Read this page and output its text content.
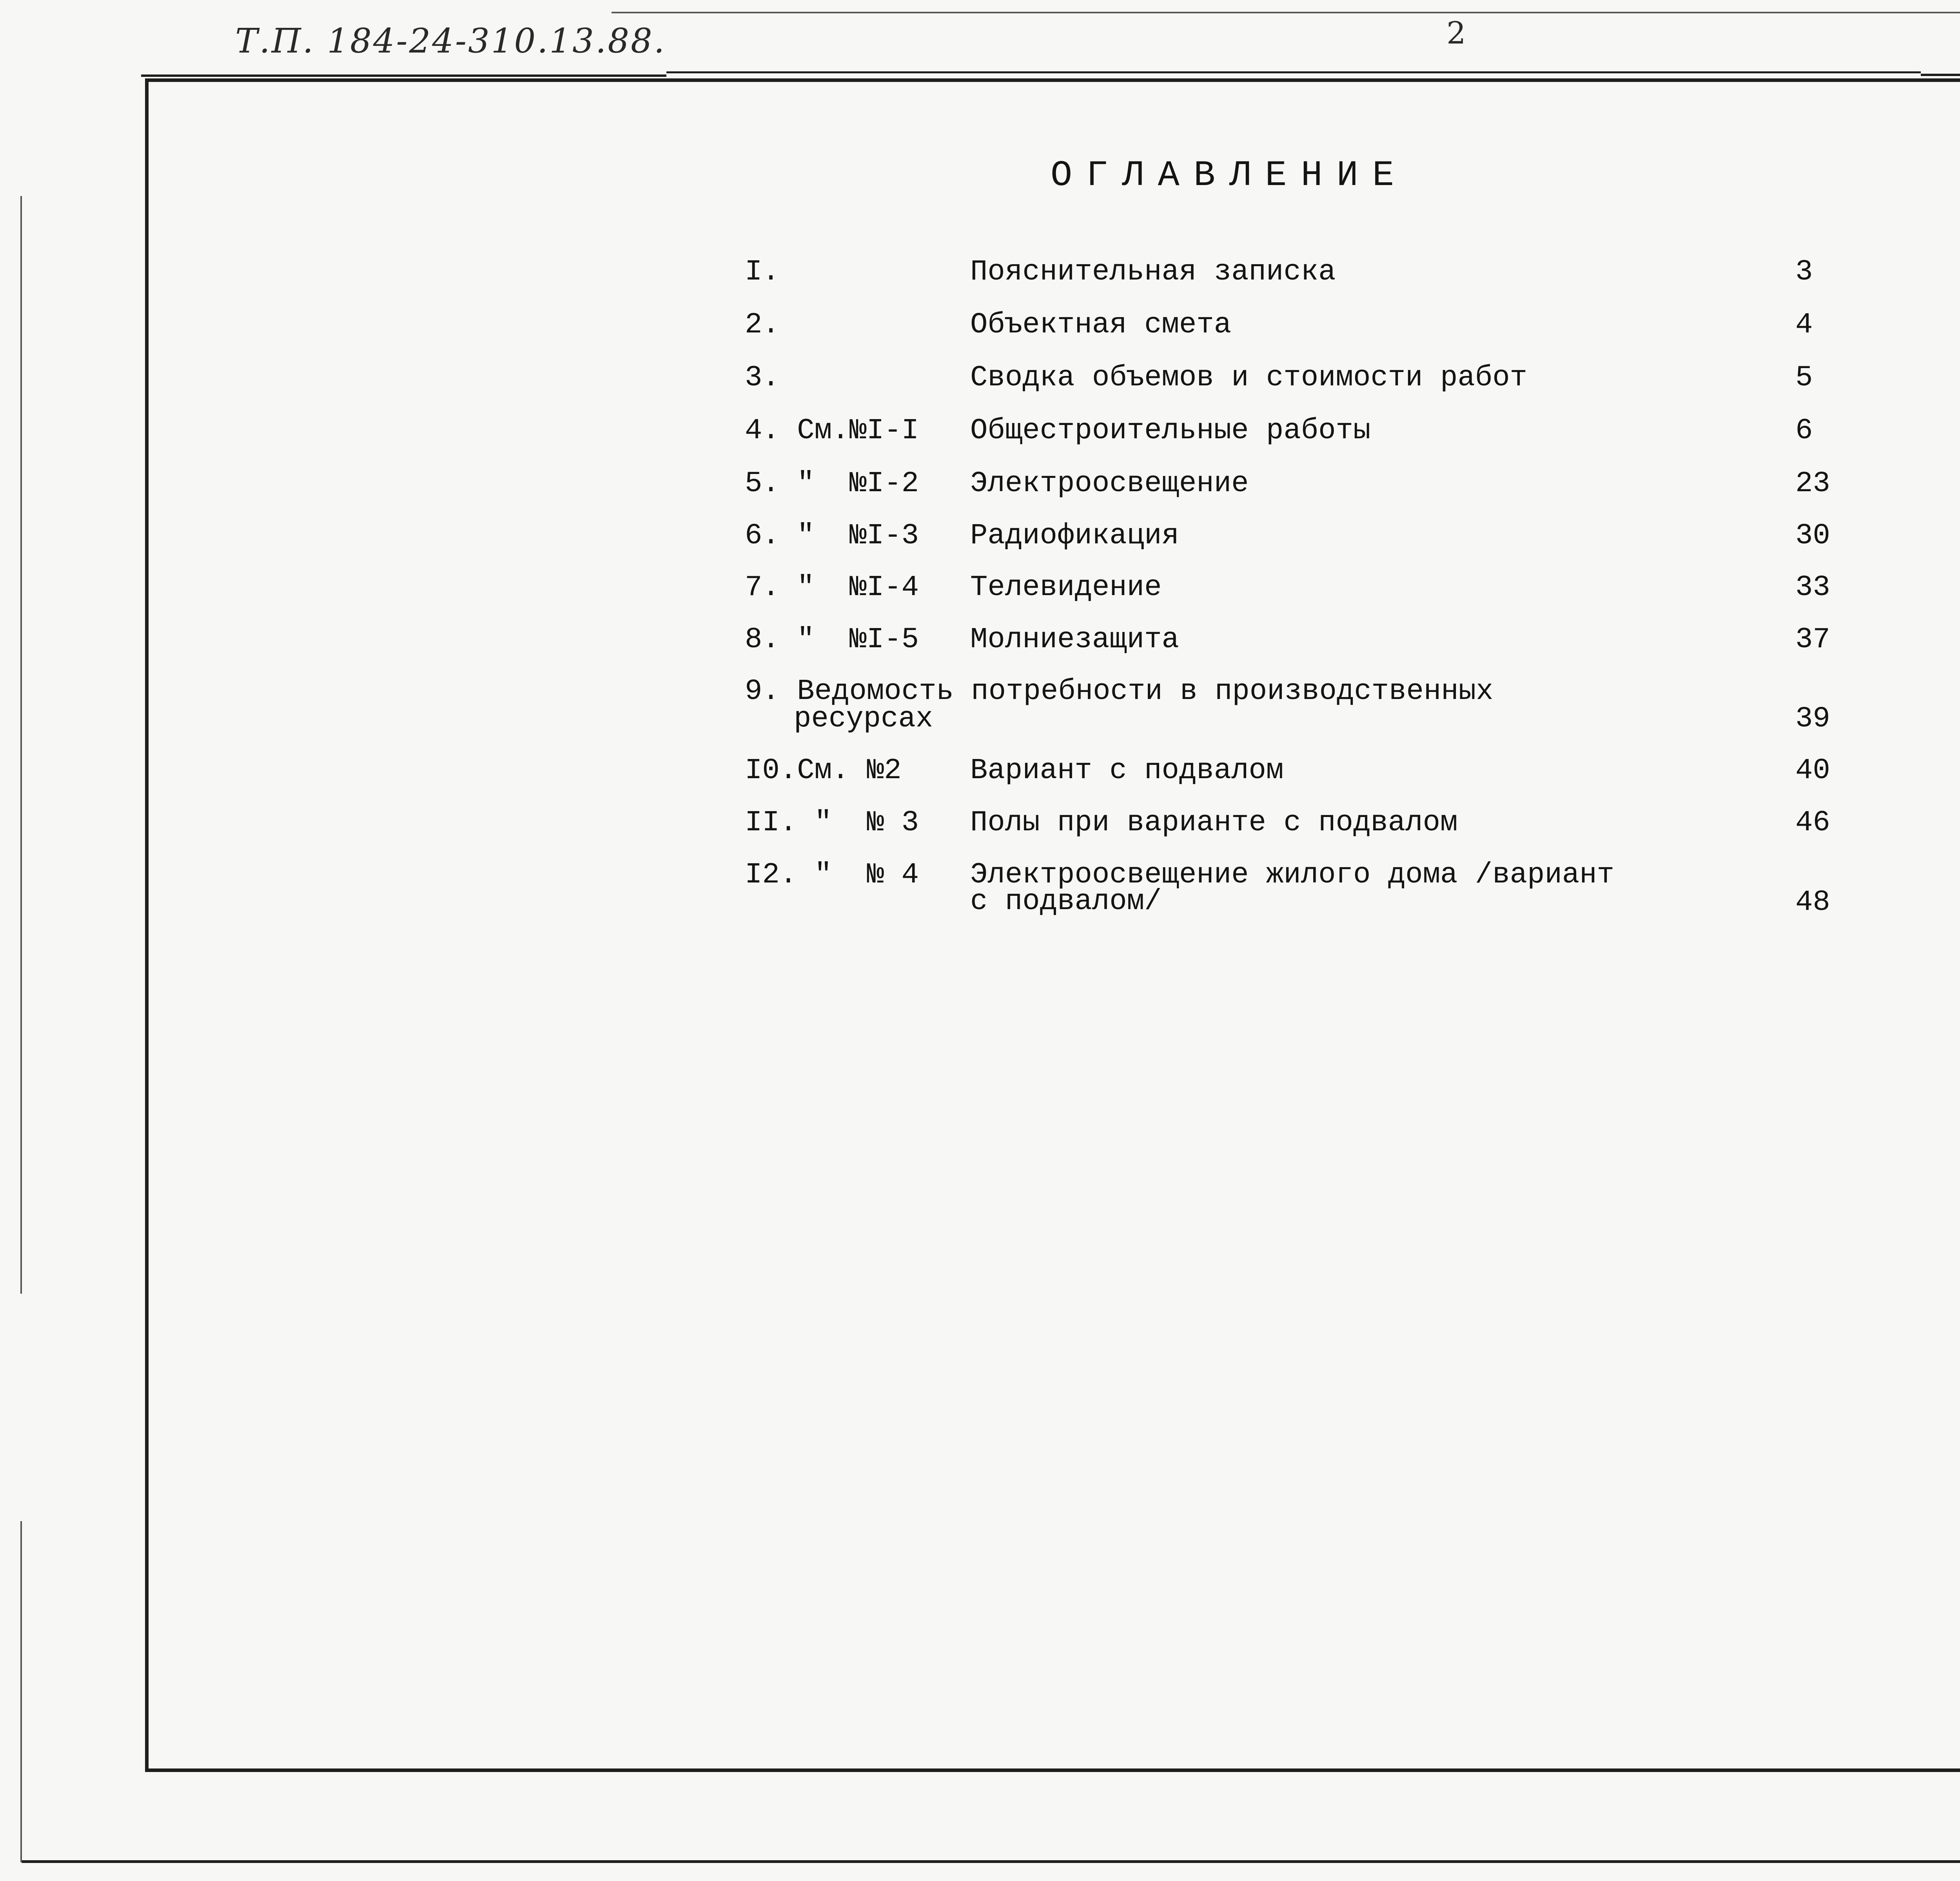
Т.П. 184-24-310.13.88.	2
ОГЛАВЛЕНИЕ
I.	Пояснительная записка	3
2.	Объектная смета	4
3.	Сводка объемов и стоимости работ	5
4. См.№I-I Общестроительные работы	6
5. "  №I-2 Электроосвещение	23
6. "  №I-3 Радиофикация	30
7. "  №I-4 Телевидение	33
8. "  №I-5 Молниезащита	37
9. Ведомость потребности в производственных
ресурсах	39
I0.См. №2 Вариант с подвалом	40
II. "  № 3 Полы при варианте с подвалом	46
I2. "  № 4 Электроосвещение жилого дома /вариант
с подвалом/	48
